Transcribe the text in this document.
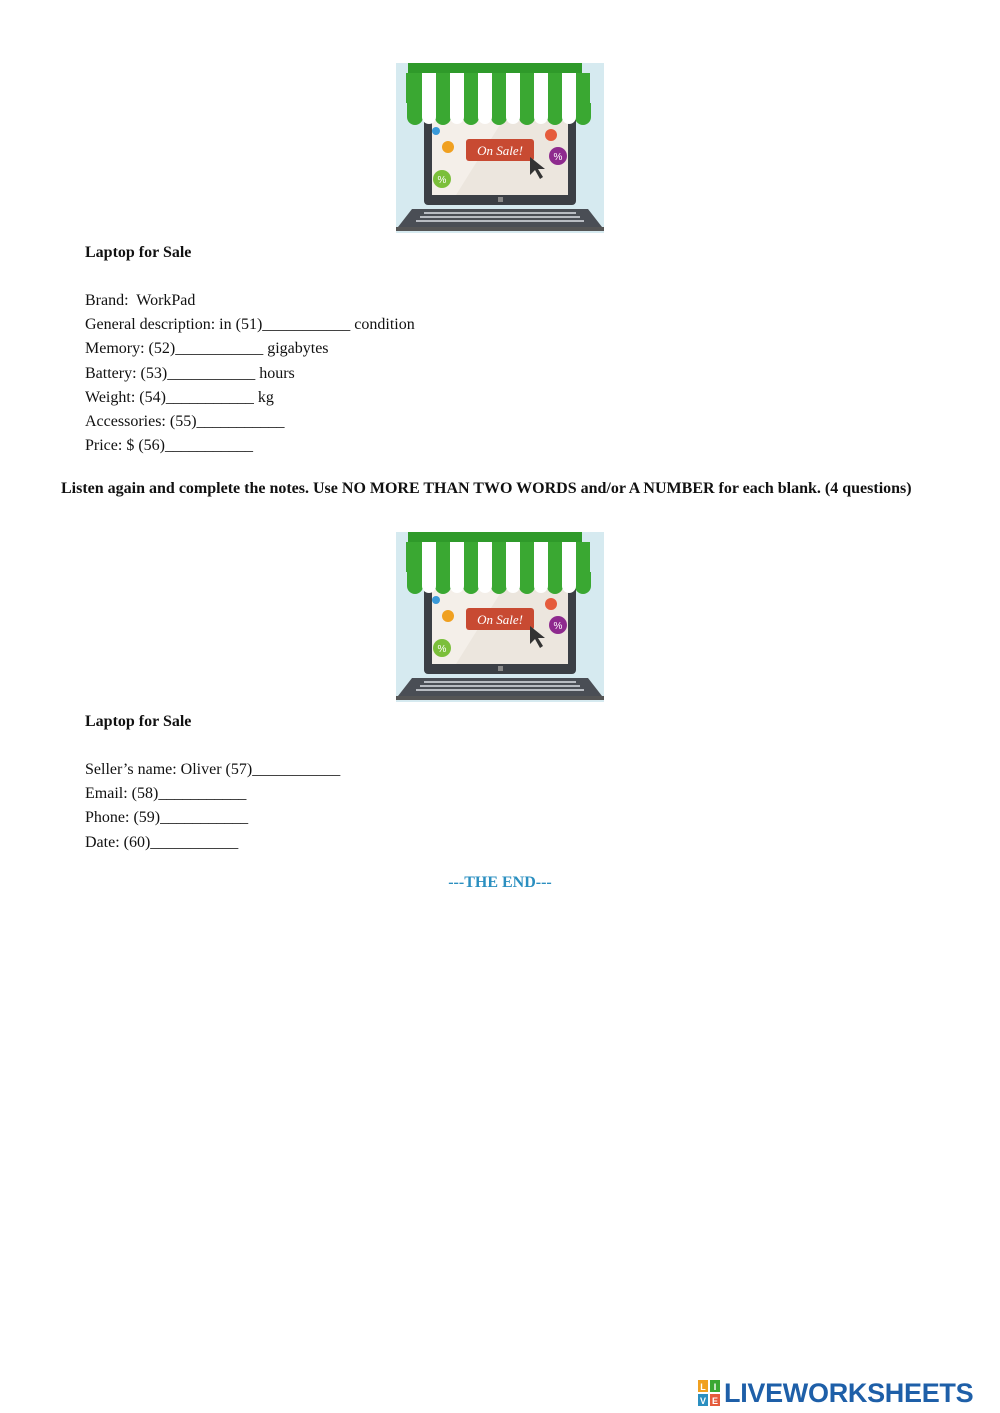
%
%
On Sale!
Laptop for Sale
Brand:  WorkPad
General description: in (51)___________ condition
Memory: (52)___________ gigabytes
Battery: (53)___________ hours
Weight: (54)___________ kg
Accessories: (55)___________
Price: $ (56)___________

Listen again and complete the notes. Use NO MORE THAN TWO WORDS and/or A NUMBER for each blank. (4 questions)

%
%
On Sale!
Laptop for Sale
Seller’s name: Oliver (57)___________
Email: (58)___________
Phone: (59)___________
Date: (60)___________

---THE END---

L I
V E LIVEWORKSHEETS
